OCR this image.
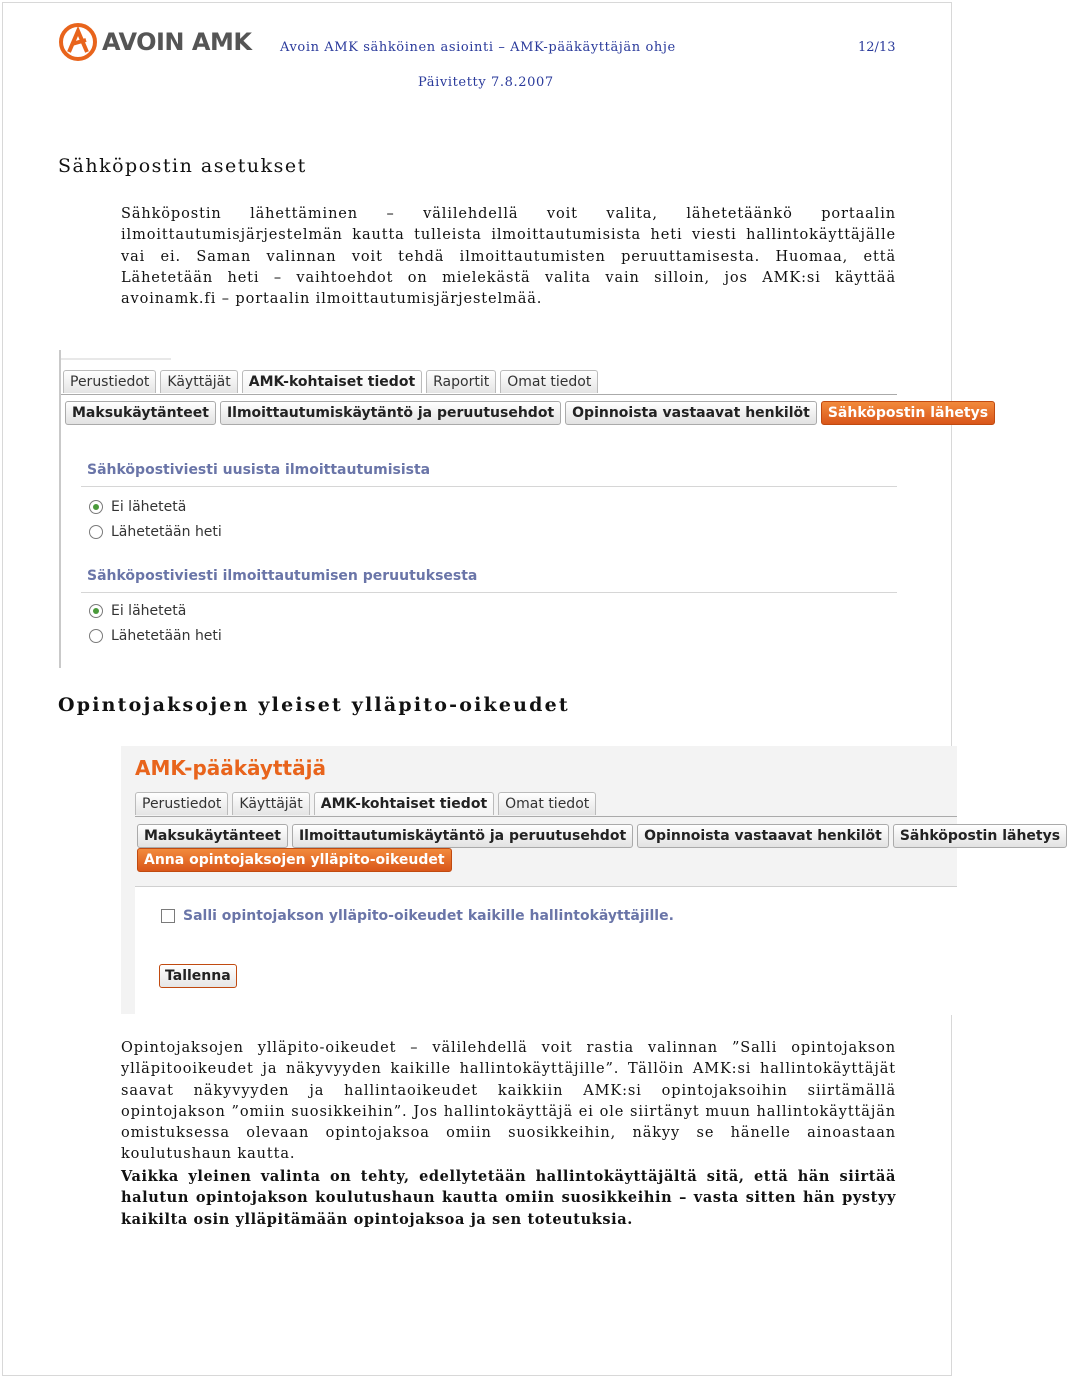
AVOIN AMK Avoin AMK sähköinen asiointi – AMK-pääkäyttäjän ohje	12/13
Päivitetty 7.8.2007
Sähköpostin asetukset

Sähköpostin lähettäminen – välilehdellä voit valita, lähetetäänkö portaalin ilmoittautumisjärjestelmän kautta tulleista ilmoittautumisista heti viesti hallintokäyttäjälle vai ei. Saman valinnan voit tehdä ilmoittautumisten peruuttamisesta. Huomaa, että Lähetetään heti – vaihtoehdot on mielekästä valita vain silloin, jos AMK:si käyttää avoinamk.fi – portaalin ilmoittautumisjärjestelmää.

Perustiedot	Käyttäjät	AMK-kohtaiset tiedot	Raportit	Omat tiedot
Maksukäytänteet	Ilmoittautumiskäytäntö ja peruutusehdot	Opinnoista vastaavat henkilöt	Sähköpostin lähetys
Sähköpostiviesti uusista ilmoittautumisista
Ei lähetetä
Lähetetään heti
Sähköpostiviesti ilmoittautumisen peruutuksesta
Ei lähetetä
Lähetetään heti
Opintojaksojen yleiset ylläpito-oikeudet
AMK-pääkäyttäjä
Perustiedot	Käyttäjät	AMK-kohtaiset tiedot	Omat tiedot
Maksukäytänteet	Ilmoittautumiskäytäntö ja peruutusehdot	Opinnoista vastaavat henkilöt	Sähköpostin lähetys
Anna opintojaksojen ylläpito-oikeudet
Salli opintojakson ylläpito-oikeudet kaikille hallintokäyttäjille.
Tallenna

Opintojaksojen ylläpito-oikeudet – välilehdellä voit rastia valinnan ”Salli opintojakson ylläpitooikeudet ja näkyvyyden kaikille hallintokäyttäjille”. Tällöin AMK:si hallintokäyttäjät saavat näkyvyyden ja hallintaoikeudet kaikkiin AMK:si opintojaksoihin siirtämällä opintojakson ”omiin suosikkeihin”. Jos hallintokäyttäjä ei ole siirtänyt muun hallintokäyttäjän omistuksessa olevaan opintojaksoa omiin suosikkeihin, näkyy se hänelle ainoastaan koulutushaun kautta.

Vaikka yleinen valinta on tehty, edellytetään hallintokäyttäjältä sitä, että hän siirtää halutun opintojakson koulutushaun kautta omiin suosikkeihin – vasta sitten hän pystyy kaikilta osin ylläpitämään opintojaksoa ja sen toteutuksia.
